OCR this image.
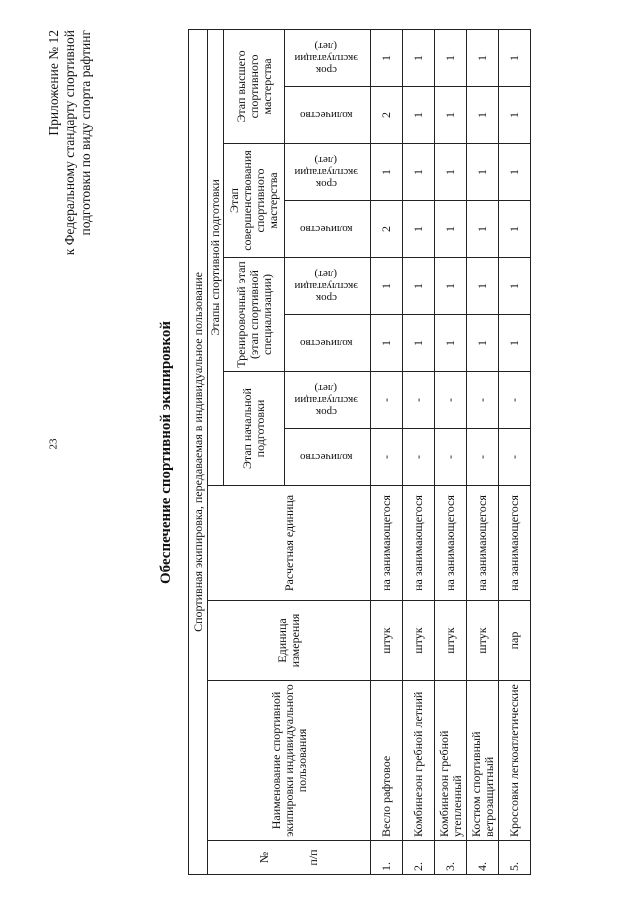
23
Приложение № 12 к Федеральному стандарту спортивной подготовки по виду спорта рафтинг
Обеспечение спортивной экипировкой Спортивная экипировка, передаваемая в индивидуальное пользование											

№ п/п	Наименование спортивной экипировки индивидуального пользования	Единица измерения	Расчетная единица	Этапы спортивной подготовки							
				Этап начальной подготовки		Тренировочный этап (этап спортивной специализации)		Этап совершенствования спортивного мастерства		Этап высшего спортивного мастерства	
				количество	срок эксплуатации (лет)	количество	срок эксплуатации (лет)	количество	срок эксплуатации (лет)	количество	срок эксплуатации (лет)
1.	Весло рафтовое	штук	на занимающегося	-	-	1	1	2	1	2	1
2.	Комбинезон гребной летний	штук	на занимающегося	-	-	1	1	1	1	1	1
3.	Комбинезон гребной утепленный	штук	на занимающегося	-	-	1	1	1	1	1	1
4.	Костюм спортивный ветрозащитный	штук	на занимающегося	-	-	1	1	1	1	1	1
5.	Кроссовки легкоатлетические	пар	на занимающегося	-	-	1	1	1	1	1	1
